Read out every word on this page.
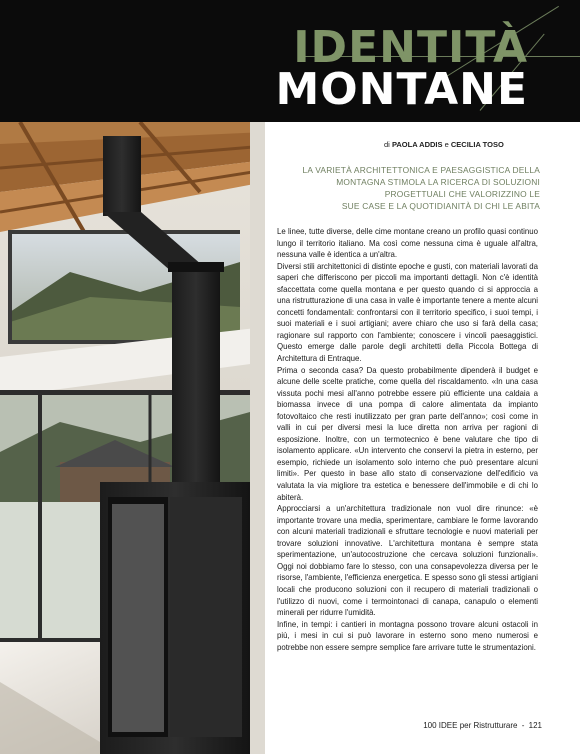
IDENTITÀ
MONTANE
di PAOLA ADDIS e CECILIA TOSO
LA VARIETÀ ARCHITETTONICA E PAESAGGISTICA DELLA
MONTAGNA STIMOLA LA RICERCA DI SOLUZIONI
PROGETTUALI CHE VALORIZZINO LE
SUE CASE E LA QUOTIDIANITÀ DI CHI LE ABITA

Le linee, tutte diverse, delle cime montane creano un profilo quasi continuo lungo il territorio italiano. Ma così come nessuna cima è uguale all'altra, nessuna valle è identica a un'altra.

Diversi stili architettonici di distinte epoche e gusti, con materiali lavorati da saperi che differiscono per piccoli ma importanti dettagli. Non c'è identità sfaccettata come quella montana e per questo quando ci si approccia a una ristrutturazione di una casa in valle è importante tenere a mente alcuni concetti fondamentali: confrontarsi con il territorio specifico, i suoi tempi, i suoi materiali e i suoi artigiani; avere chiaro che uso si farà della casa; ragionare sul rapporto con l'ambiente; conoscere i vincoli paesaggistici. Questo emerge dalle parole degli architetti della Piccola Bottega di Architettura di Entraque.

Prima o seconda casa? Da questo probabilmente dipenderà il budget e alcune delle scelte pratiche, come quella del riscaldamento. «In una casa vissuta pochi mesi all'anno potrebbe essere più efficiente una caldaia a biomassa invece di una pompa di calore alimentata da impianto fotovoltaico che resti inutilizzato per gran parte dell'anno»; così come in valli in cui per diversi mesi la luce diretta non arriva per ragioni di esposizione. Inoltre, con un termotecnico è bene valutare che tipo di isolamento applicare. «Un intervento che conservi la pietra in esterno, per esempio, richiede un isolamento solo interno che può presentare alcuni limiti». Per questo in base allo stato di conservazione dell'edificio va valutata la via migliore tra estetica e benessere dell'immobile e di chi lo abiterà.

Approcciarsi a un'architettura tradizionale non vuol dire rinunce: «è importante trovare una media, sperimentare, cambiare le forme lavorando con alcuni materiali tradizionali e sfruttare tecnologie e nuovi materiali per trovare soluzioni innovative. L'architettura montana è sempre stata sperimentazione, un'autocostruzione che cercava soluzioni funzionali». Oggi noi dobbiamo fare lo stesso, con una consapevolezza diversa per le risorse, l'ambiente, l'efficienza energetica. E spesso sono gli stessi artigiani locali che producono soluzioni con il recupero di materiali tradizionali o l'utilizzo di nuovi, come i termointonaci di canapa, canapulo o elementi minerali per ridurre l'umidità.

Infine, in tempi: i cantieri in montagna possono trovare alcuni ostacoli in più, i mesi in cui si può lavorare in esterno sono meno numerosi e potrebbe non essere sempre semplice fare arrivare tutte le strumentazioni.

100 IDEE per Ristrutturare - 121
